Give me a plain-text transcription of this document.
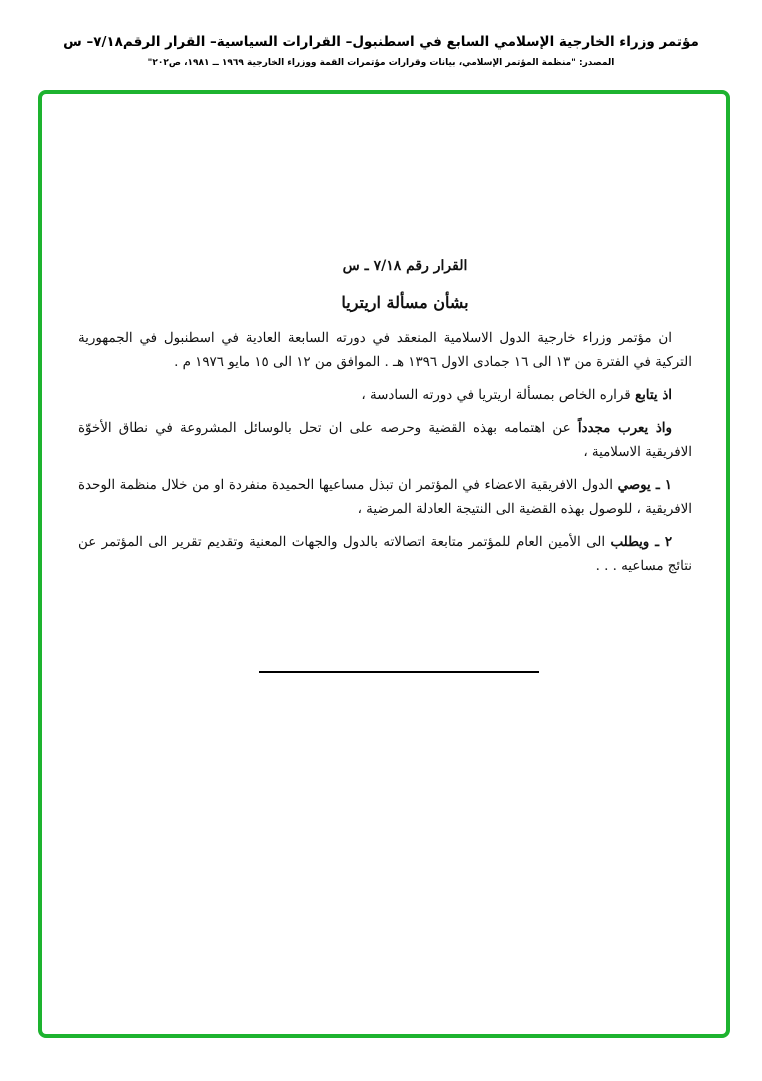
مؤتمر وزراء الخارجية الإسلامي السابع في اسطنبول– القرارات السياسية– القرار الرقم٧/١٨– س
المصدر: "منظمة المؤتمر الإسلامي، بيانات وقرارات مؤتمرات القمة ووزراء الخارجية ١٩٦٩ ــ ١٩٨١، ص٢٠٢"
القرار رقم ٧/١٨ ـ س
بشأن مسألة اريتريا

ان مؤتمر وزراء خارجية الدول الاسلامية المنعقد في دورته السابعة العادية في اسطنبول في الجمهورية التركية في الفترة من ١٣ الى ١٦ جمادى الاول ١٣٩٦ هـ . الموافق من ١٢ الى ١٥ مايو ١٩٧٦ م .

اذ يتابع قراره الخاص بمسألة اريتريا في دورته السادسة ،

واذ يعرب مجدداً عن اهتمامه بهذه القضية وحرصه على ان تحل بالوسائل المشروعة في نطاق الأخوّة الافريقية الاسلامية ،

١ ـ يوصي الدول الافريقية الاعضاء في المؤتمر ان تبذل مساعيها الحميدة منفردة او من خلال منظمة الوحدة الافريقية ، للوصول بهذه القضية الى النتيجة العادلة المرضية ،

٢ ـ ويطلب الى الأمين العام للمؤتمر متابعة اتصالاته بالدول والجهات المعنية وتقديم تقرير الى المؤتمر عن نتائج مساعيه . . .
